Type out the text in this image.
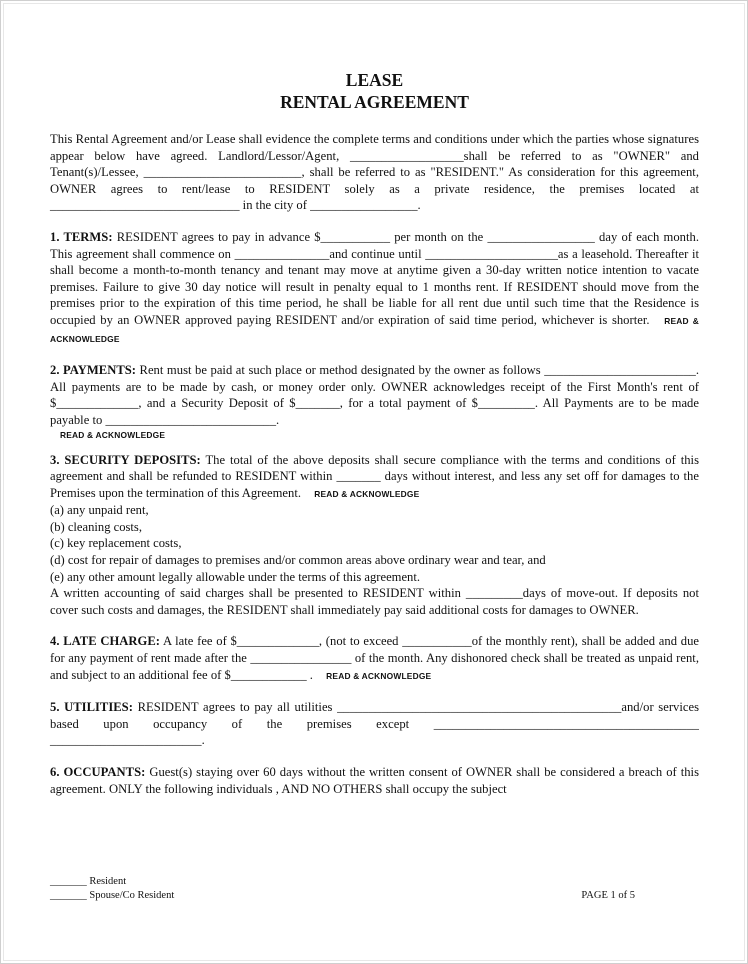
LEASE
RENTAL AGREEMENT

This Rental Agreement and/or Lease shall evidence the complete terms and conditions under which the parties whose signatures appear below have agreed. Landlord/Lessor/Agent, __________________shall be referred to as "OWNER" and Tenant(s)/Lessee, _________________________, shall be referred to as "RESIDENT." As consideration for this agreement, OWNER agrees to rent/lease to RESIDENT solely as a private residence, the premises located at ______________________________ in the city of _________________.

1. TERMS: RESIDENT agrees to pay in advance $___________ per month on the _________________ day of each month. This agreement shall commence on _______________and continue until _____________________as a leasehold. Thereafter it shall become a month-to-month tenancy and tenant may move at anytime given a 30-day written notice intention to vacate premises. Failure to give 30 day notice will result in penalty equal to 1 months rent. If RESIDENT should move from the premises prior to the expiration of this time period, he shall be liable for all rent due until such time that the Residence is occupied by an OWNER approved paying RESIDENT and/or expiration of said time period, whichever is shorter. READ & ACKNOWLEDGE

2. PAYMENTS: Rent must be paid at such place or method designated by the owner as follows ________________________. All payments are to be made by cash, or money order only. OWNER acknowledges receipt of the First Month's rent of $_____________, and a Security Deposit of $_______, for a total payment of $_________. All Payments are to be made payable to ___________________________.

READ & ACKNOWLEDGE

3. SECURITY DEPOSITS: The total of the above deposits shall secure compliance with the terms and conditions of this agreement and shall be refunded to RESIDENT within _______ days without interest, and less any set off for damages to the Premises upon the termination of this Agreement. READ & ACKNOWLEDGE

(a) any unpaid rent,
(b) cleaning costs,
(c) key replacement costs,
(d) cost for repair of damages to premises and/or common areas above ordinary wear and tear, and
(e) any other amount legally allowable under the terms of this agreement.

A written accounting of said charges shall be presented to RESIDENT within _________days of move-out. If deposits not cover such costs and damages, the RESIDENT shall immediately pay said additional costs for damages to OWNER.

4. LATE CHARGE: A late fee of $_____________, (not to exceed ___________of the monthly rent), shall be added and due for any payment of rent made after the ________________ of the month. Any dishonored check shall be treated as unpaid rent, and subject to an additional fee of $____________ . READ & ACKNOWLEDGE

5. UTILITIES: RESIDENT agrees to pay all utilities _____________________________________________and/or services based upon occupancy of the premises except __________________________________________ ________________________.

6. OCCUPANTS: Guest(s) staying over 60 days without the written consent of OWNER shall be considered a breach of this agreement. ONLY the following individuals , AND NO OTHERS shall occupy the subject

_______ Resident
_______ Spouse/Co Resident	PAGE 1 of 5
